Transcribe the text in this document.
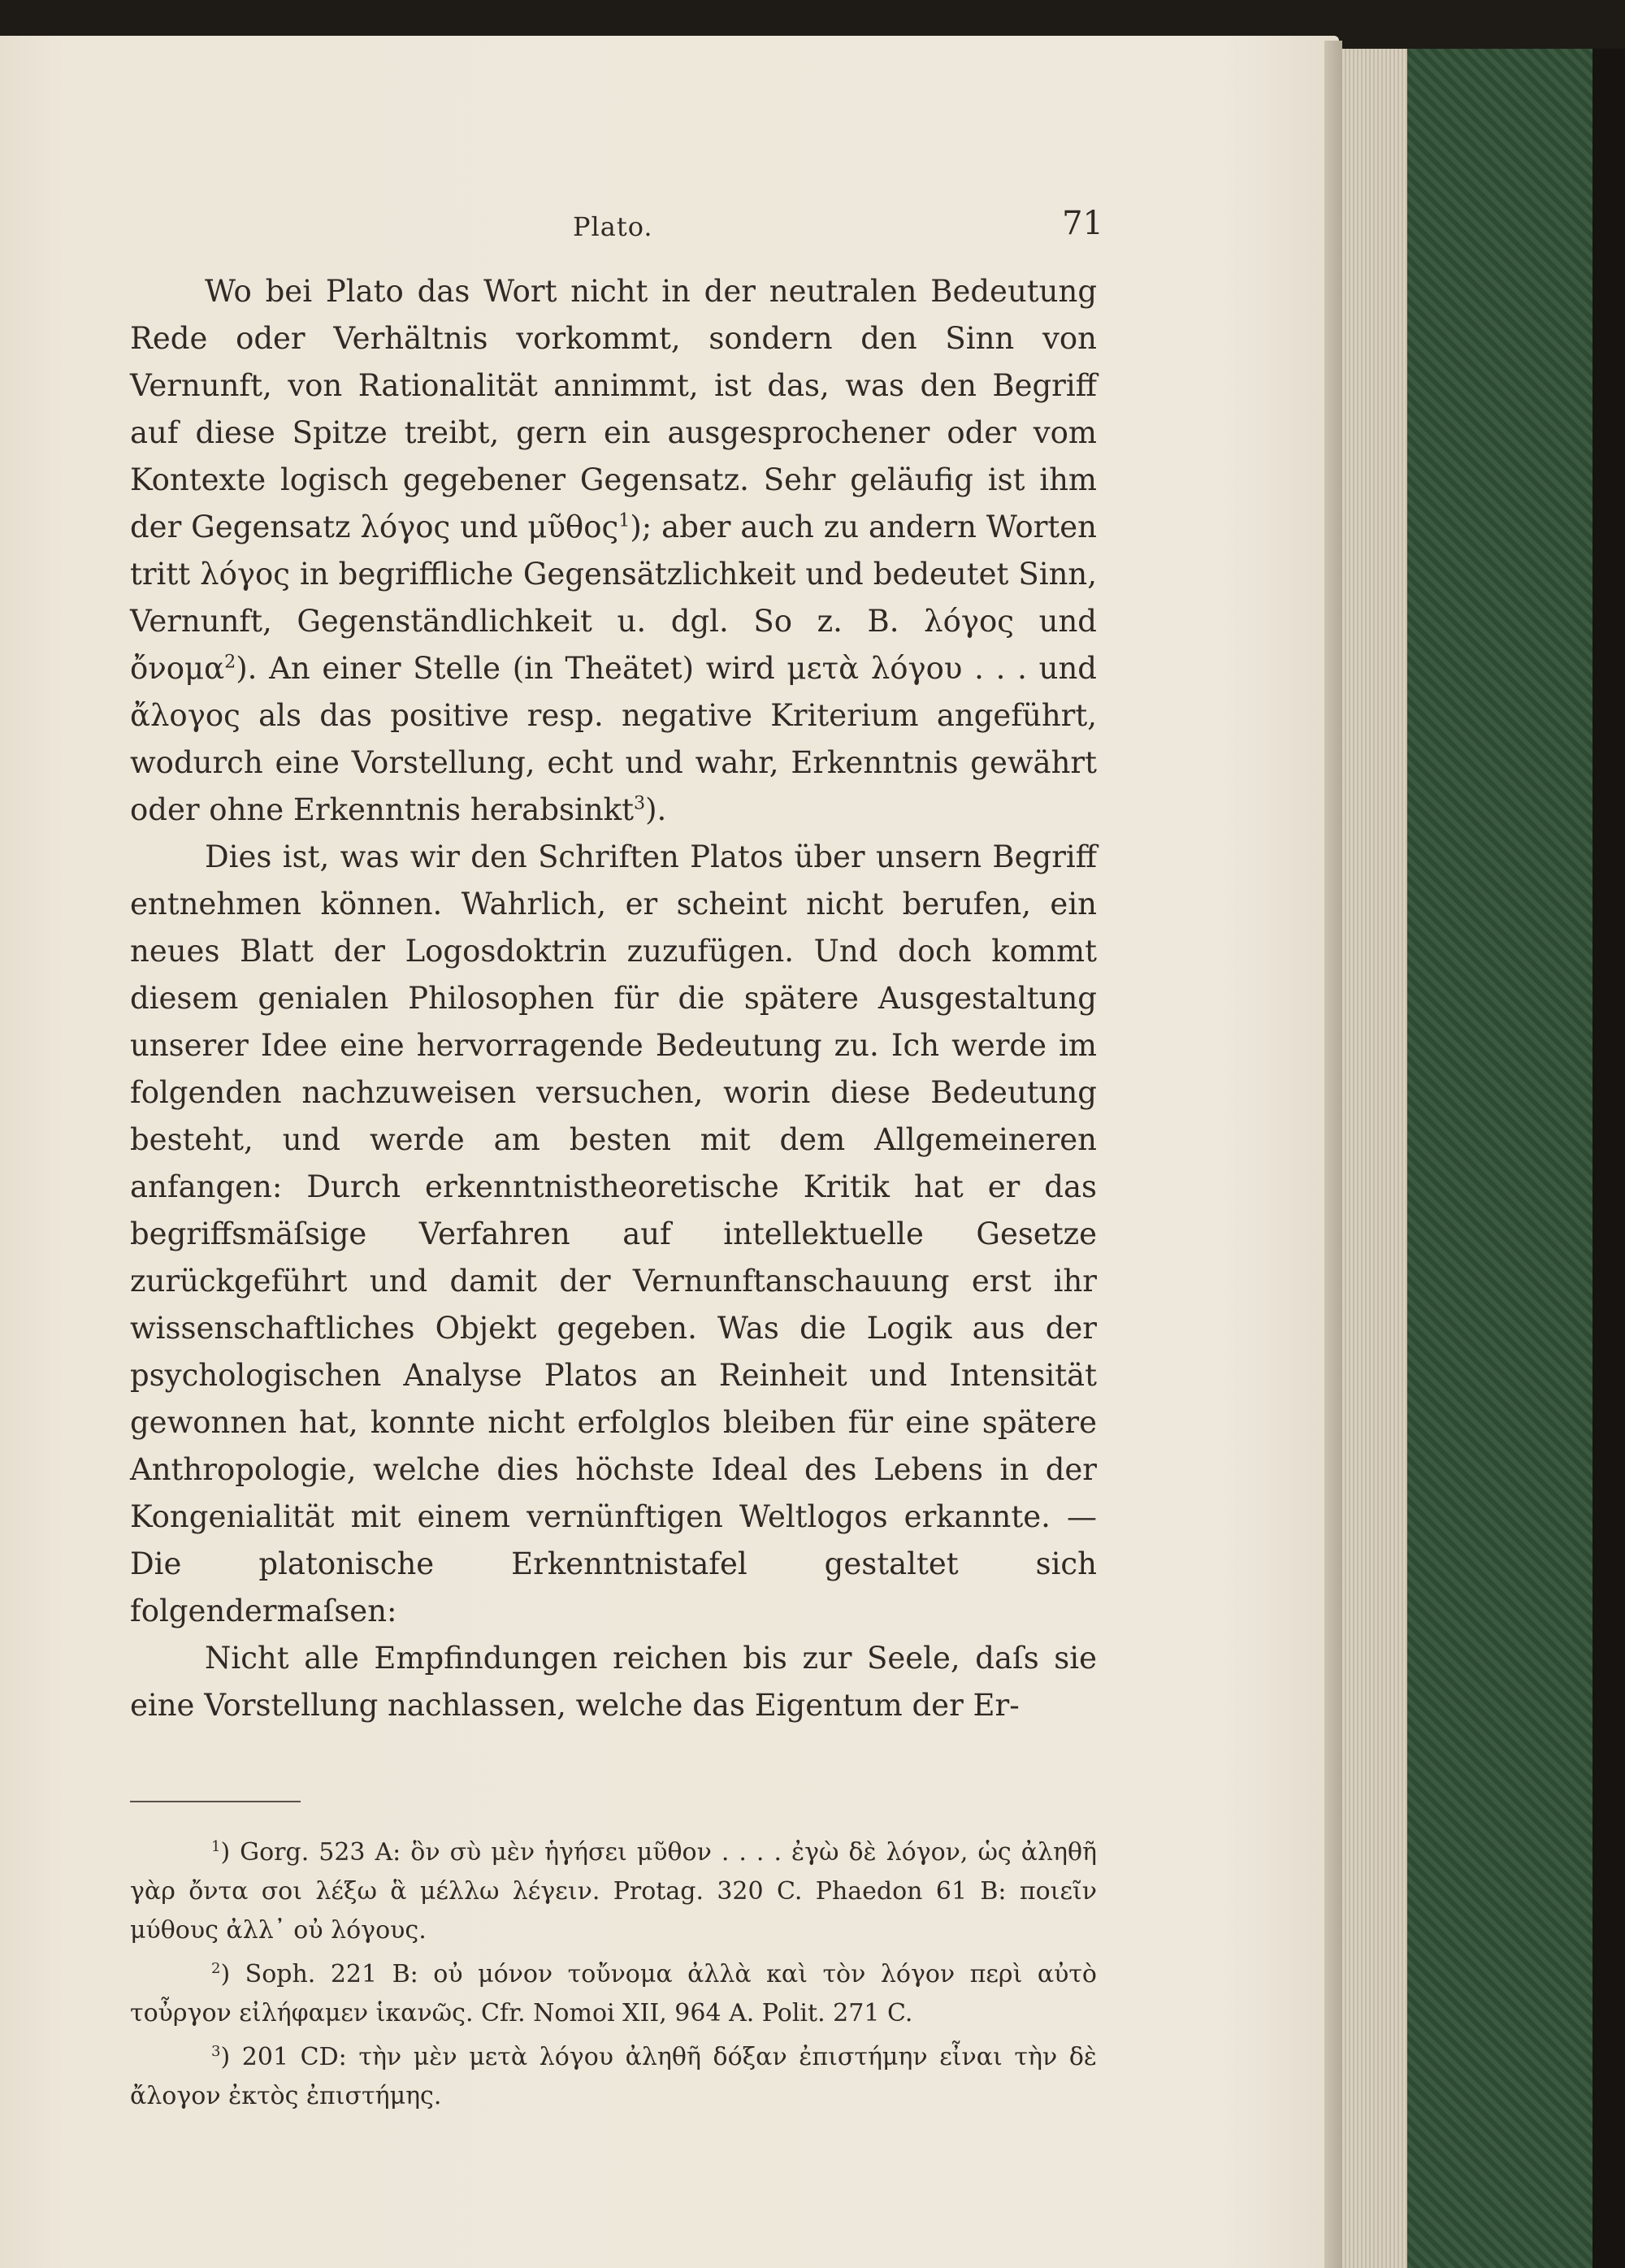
Plato.	71

Wo bei Plato das Wort nicht in der neutralen Bedeutung Rede oder Verhältnis vorkommt, sondern den Sinn von Vernunft, von Rationalität annimmt, ist das, was den Begriff auf diese Spitze treibt, gern ein ausgesprochener oder vom Kontexte logisch gegebener Gegensatz. Sehr geläufig ist ihm der Gegensatz λόγος und μῦθος$^1$); aber auch zu andern Worten tritt λόγος in begriffliche Gegensätzlichkeit und bedeutet Sinn, Vernunft, Gegenständlichkeit u. dgl. So z. B. λόγος und ὄνομα$^2$). An einer Stelle (in Theätet) wird μετὰ λόγου . . . und ἄλογος als das positive resp. negative Kriterium angeführt, wodurch eine Vorstellung, echt und wahr, Erkenntnis gewährt oder ohne Erkenntnis herabsinkt$^3$).

Dies ist, was wir den Schriften Platos über unsern Begriff entnehmen können. Wahrlich, er scheint nicht berufen, ein neues Blatt der Logosdoktrin zuzufügen. Und doch kommt diesem genialen Philosophen für die spätere Ausgestaltung unserer Idee eine hervorragende Bedeutung zu. Ich werde im folgenden nachzuweisen versuchen, worin diese Bedeutung besteht, und werde am besten mit dem Allgemeineren anfangen: Durch erkenntnistheoretische Kritik hat er das begriffsmäſsige Verfahren auf intellektuelle Gesetze zurückgeführt und damit der Vernunftanschauung erst ihr wissenschaftliches Objekt gegeben. Was die Logik aus der psychologischen Analyse Platos an Reinheit und Intensität gewonnen hat, konnte nicht erfolglos bleiben für eine spätere Anthropologie, welche dies höchste Ideal des Lebens in der Kongenialität mit einem vernünftigen Weltlogos erkannte. — Die platonische Erkenntnistafel gestaltet sich folgendermaſsen:

Nicht alle Empfindungen reichen bis zur Seele, daſs sie eine Vorstellung nachlassen, welche das Eigentum der Er-

$^1$) Gorg. 523 A: ὃν σὺ μὲν ἡγήσει μῦθον . . . . ἐγὼ δὲ λόγον, ὡς ἀληθῆ γὰρ ὄντα σοι λέξω ἃ μέλλω λέγειν. Protag. 320 C. Phaedon 61 B: ποιεῖν μύθους ἀλλ᾽ οὐ λόγους.

$^2$) Soph. 221 B: οὐ μόνον τοὔνομα ἀλλὰ καὶ τὸν λόγον περὶ αὐτὸ τοὖργον εἰλήφαμεν ἱκανῶς. Cfr. Nomoi XII, 964 A. Polit. 271 C.

$^3$) 201 CD: τὴν μὲν μετὰ λόγου ἀληθῆ δόξαν ἐπιστήμην εἶναι τὴν δὲ ἄλογον ἐκτὸς ἐπιστήμης.
